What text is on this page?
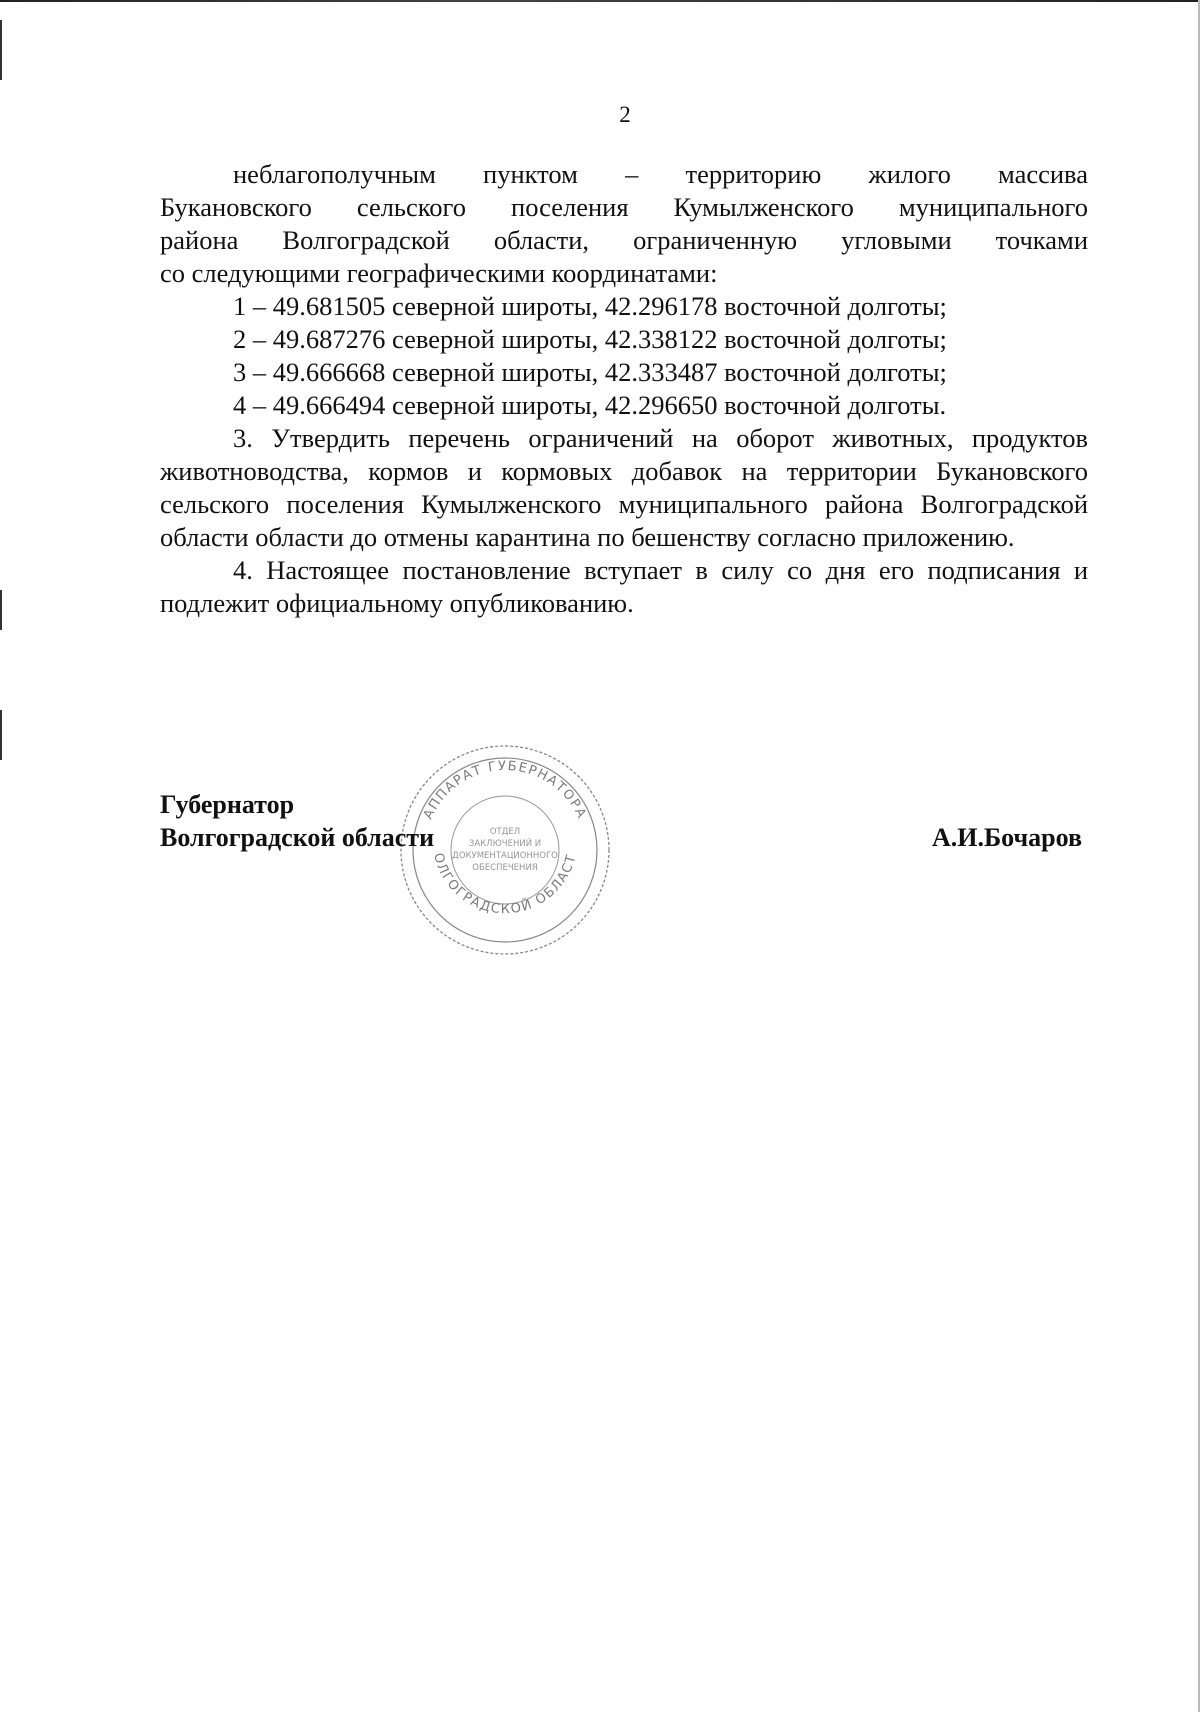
2

неблагополучным пунктом – территорию жилого массива
Букановского сельского поселения Кумылженского муниципального
района Волгоградской области, ограниченную угловыми точками
со следующими географическими координатами:

1 – 49.681505 северной широты, 42.296178 восточной долготы;
2 – 49.687276 северной широты, 42.338122 восточной долготы;
3 – 49.666668 северной широты, 42.333487 восточной долготы;
4 – 49.666494 северной широты, 42.296650 восточной долготы.

3. Утвердить перечень ограничений на оборот животных, продуктов животноводства, кормов и кормовых добавок на территории Букановского сельского поселения Кумылженского муниципального района Волгоградской области области до отмены карантина по бешенству согласно приложению.

4. Настоящее постановление вступает в силу со дня его подписания и подлежит официальному опубликованию.

АППАРАТ ГУБЕРНАТОРА
ОЛГОГРАДСКОЙ ОБЛАСТ
ОТДЕЛ
ЗАКЛЮЧЕНИЙ И
ДОКУМЕНТАЦИОННОГО
ОБЕСПЕЧЕНИЯ
Губернатор
Волгоградской области	А.И.Бочаров
